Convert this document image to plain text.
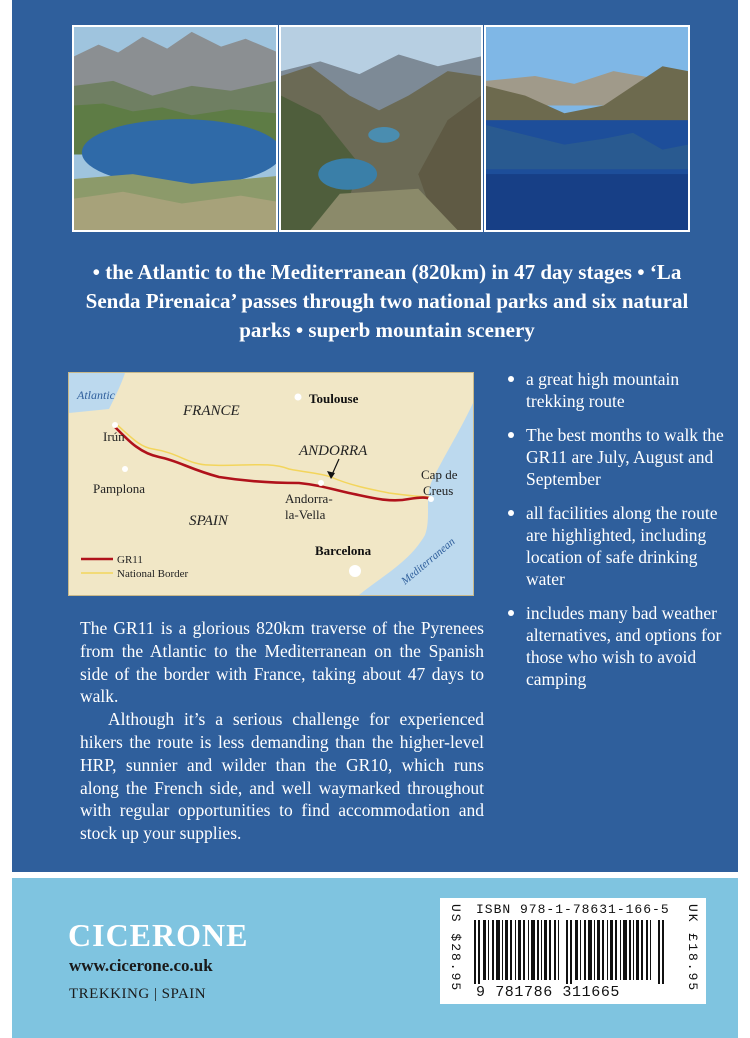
• the Atlantic to the Mediterranean (820km) in 47 day stages • ‘La Senda Pirenaica’ passes through two national parks and six natural parks • superb mountain scenery
a great high mountain trekking route
The best months to walk the GR11 are July, August and September
all facilities along the route are highlighted, including location of safe drinking water
includes many bad weather alternatives, and options for those who wish to avoid camping

The GR11 is a glorious 820km traverse of the Pyrenees from the Atlantic to the Mediterranean on the Spanish side of the border with France, taking about 47 days to walk.

Although it’s a serious challenge for experienced hikers the route is less demanding than the higher-level HRP, sunnier and wilder than the GR10, which runs along the French side, and well waymarked throughout with regular opportunities to find accommodation and stock up your supplies.

Atlantic
Irún
FRANCE
Toulouse
ANDORRA
Pamplona
Andorra-
la-Vella
Cap de
Creus
SPAIN
Barcelona	Mediterranean
GR11
National Border
CICERONE
www.cicerone.co.uk
TREKKING | SPAIN
US $28.95 ISBN 978-1-78631-166-5
9 781786 311665
UK £18.95
